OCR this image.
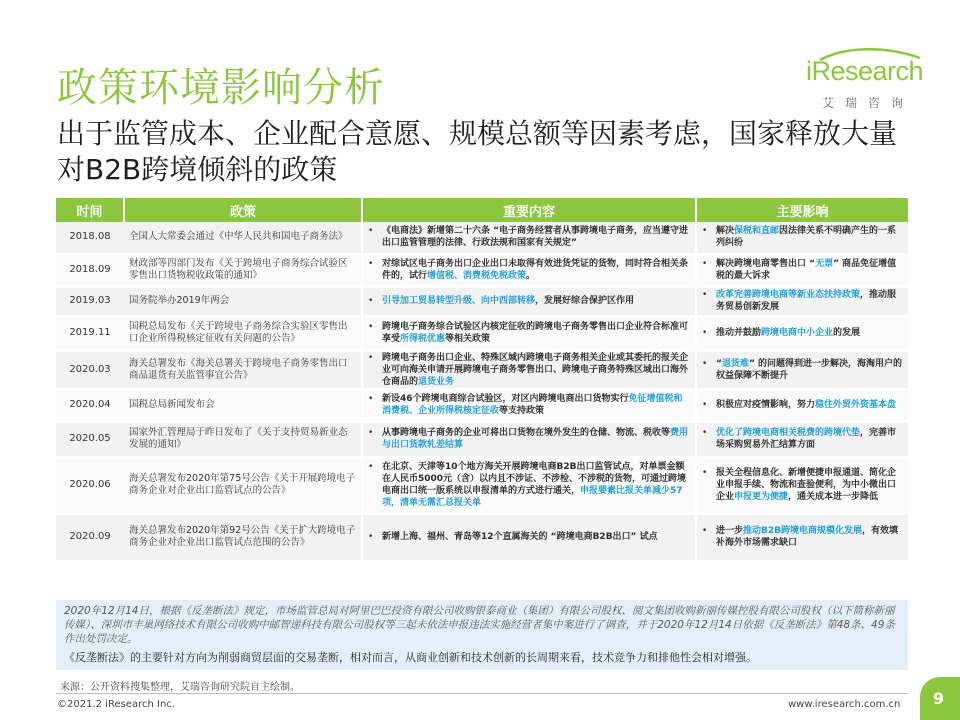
政策环境影响分析	iResearch
艾瑞咨询
出于监管成本、企业配合意愿、规模总额等因素考虑，国家释放大量对B2B跨境倾斜的政策
时间	政策	重要内容	主要影响
2018.08	全国人大常委会通过《中华人民共和国电子商务法》	• 《电商法》新增第二十六条 “电子商务经营者从事跨境电子商务，应当遵守进出口监管管理的法律、行政法规和国家有关规定”	• 解决保税和直邮因法律关系不明确产生的一系列纠纷

2018.09	财政部等四部门发布《关于跨境电子商务综合试验区零售出口货物税收政策的通知》	• 对综试区电子商务出口企业出口未取得有效进货凭证的货物，同时符合相关条件的，试行增值税、消费税免税政策。	• 解决跨境电商零售出口 “无票” 商品免征增值税的最大诉求

2019.03	国务院举办2019年两会	• 引导加工贸易转型升级、向中西部转移，发展好综合保护区作用	• 改革完善跨境电商等新业态扶持政策，推动服务贸易创新发展

2019.11	国税总局发布《关于跨境电子商务综合实验区零售出口企业所得税核定征收有关问题的公告》	• 跨境电子商务综合试验区内核定征收的跨境电子商务零售出口企业符合标准可享受所得税优惠等相关政策	• 推动并鼓励跨境电商中小企业的发展

2020.03	海关总署发布《海关总署关于跨境电子商务零售出口商品退货有关监管事宜公告》	• 跨境电子商务出口企业、特殊区域内跨境电子商务相关企业或其委托的报关企业可向海关申请开展跨境电子商务零售出口、跨境电子商务特殊区域出口海外仓商品的退货业务	• “退货难” 的问题得到进一步解决，海淘用户的权益保障不断提升

2020.04	国税总局新闻发布会	• 新设46个跨境电商综合试验区，对区内跨境电商出口货物实行免征增值税和消费税、企业所得税核定征收等支持政策	• 积极应对疫情影响，努力稳住外贸外资基本盘

2020.05	国家外汇管理局于昨日发布了《关于支持贸易新业态发展的通知》	• 从事跨境电子商务的企业可将出口货物在境外发生的仓储、物流、税收等费用与出口货款轧差结算	• 优化了跨境电商相关税费的跨境代垫，完善市场采购贸易外汇结算方面

2020.06	海关总署发布2020年第75号公告《关于开展跨境电子商务企业对企业出口监管试点的公告》	• 在北京、天津等10个地方海关开展跨境电商B2B出口监管试点，对单票金额在人民币5000元（含）以内且不涉证、不涉检、不涉税的货物，可通过跨境电商出口统一版系统以申报清单的方式进行通关，申报要素比报关单减少57项，清单无需汇总报关单	• 报关全程信息化、新增便捷申报通道、简化企业申报手续、物流和查验便利，为中小微出口企业申报更为便捷，通关成本进一步降低

2020.09	海关总署发布2020年第92号公告《关于扩大跨境电子商务企业对企业出口监管试点范围的公告》	• 新增上海、福州、青岛等12个直属海关的 “跨境电商B2B出口” 试点	• 进一步推动B2B跨境电商规模化发展，有效填补海外市场需求缺口
2020年12月14日，根据《反垄断法》规定，市场监管总局对阿里巴巴投资有限公司收购银泰商业（集团）有限公司股权、阅文集团收购新丽传媒控股有限公司股权（以下简称新丽传媒）、深圳市丰巢网络技术有限公司收购中邮智递科技有限公司股权等三起未依法申报违法实施经营者集中案进行了调查，并于2020年12月14日依据《反垄断法》第48条、49条作出处罚决定。
《反垄断法》的主要针对方向为削弱商贸层面的交易垄断，相对而言，从商业创新和技术创新的长周期来看，技术竞争力和排他性会相对增强。
来源：公开资料搜集整理，艾瑞咨询研究院自主绘制。
©2021.2 iResearch Inc.	www.iresearch.com.cn 9
